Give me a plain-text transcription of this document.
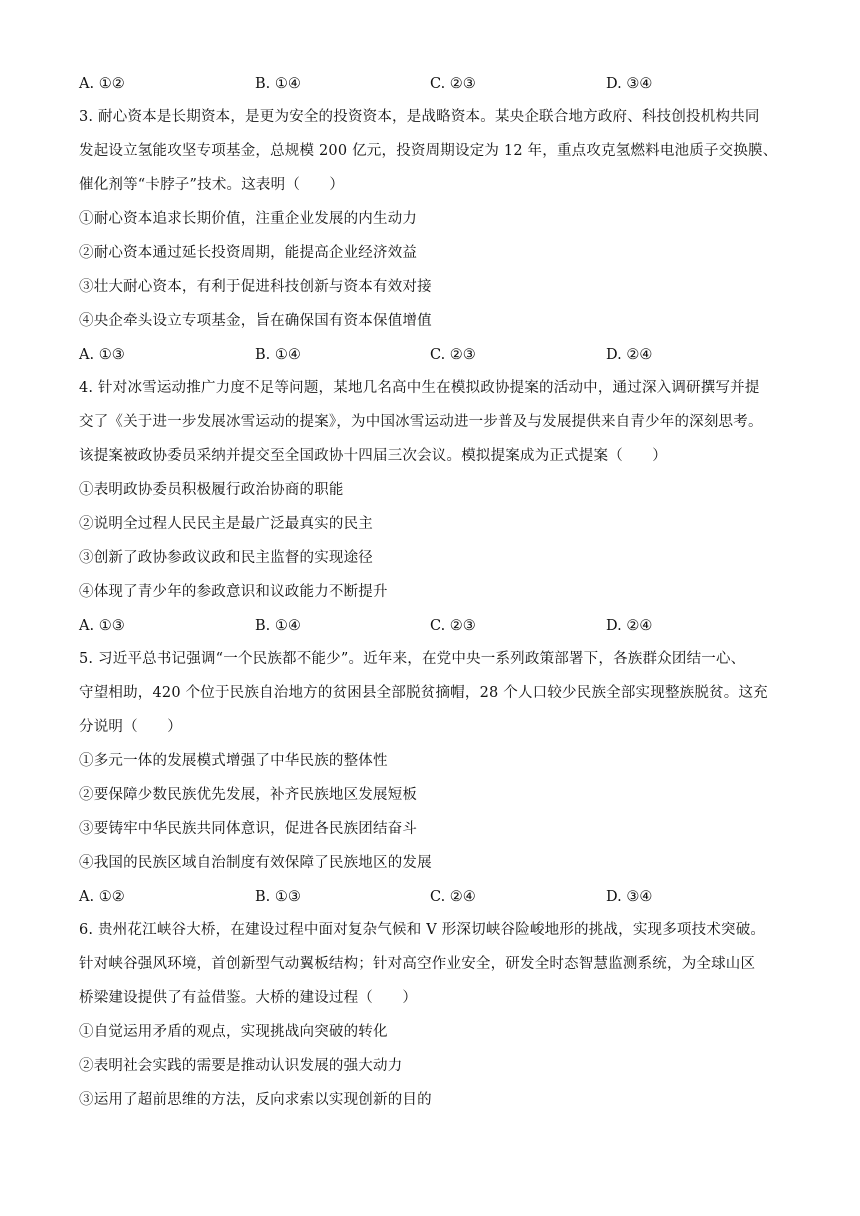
A. ①②	B. ①④	C. ②③	D. ③④
3. 耐心资本是长期资本，是更为安全的投资资本，是战略资本。某央企联合地方政府、科技创投机构共同
发起设立氢能攻坚专项基金，总规模 200 亿元，投资周期设定为 12 年，重点攻克氢燃料电池质子交换膜、
催化剂等“卡脖子”技术。这表明（　　）
①耐心资本追求长期价值，注重企业发展的内生动力
②耐心资本通过延长投资周期，能提高企业经济效益
③壮大耐心资本，有利于促进科技创新与资本有效对接
④央企牵头设立专项基金，旨在确保国有资本保值增值
A. ①③	B. ①④	C. ②③	D. ②④
4. 针对冰雪运动推广力度不足等问题，某地几名高中生在模拟政协提案的活动中，通过深入调研撰写并提
交了《关于进一步发展冰雪运动的提案》，为中国冰雪运动进一步普及与发展提供来自青少年的深刻思考。
该提案被政协委员采纳并提交至全国政协十四届三次会议。模拟提案成为正式提案（　　）
①表明政协委员积极履行政治协商的职能
②说明全过程人民民主是最广泛最真实的民主
③创新了政协参政议政和民主监督的实现途径
④体现了青少年的参政意识和议政能力不断提升
A. ①③	B. ①④	C. ②③	D. ②④
5. 习近平总书记强调“一个民族都不能少”。近年来，在党中央一系列政策部署下，各族群众团结一心、
守望相助，420 个位于民族自治地方的贫困县全部脱贫摘帽，28 个人口较少民族全部实现整族脱贫。这充
分说明（　　）
①多元一体的发展模式增强了中华民族的整体性
②要保障少数民族优先发展，补齐民族地区发展短板
③要铸牢中华民族共同体意识，促进各民族团结奋斗
④我国的民族区域自治制度有效保障了民族地区的发展
A. ①②	B. ①③	C. ②④	D. ③④
6. 贵州花江峡谷大桥，在建设过程中面对复杂气候和 V 形深切峡谷险峻地形的挑战，实现多项技术突破。
针对峡谷强风环境，首创新型气动翼板结构；针对高空作业安全，研发全时态智慧监测系统，为全球山区
桥梁建设提供了有益借鉴。大桥的建设过程（　　）
①自觉运用矛盾的观点，实现挑战向突破的转化
②表明社会实践的需要是推动认识发展的强大动力
③运用了超前思维的方法，反向求索以实现创新的目的
